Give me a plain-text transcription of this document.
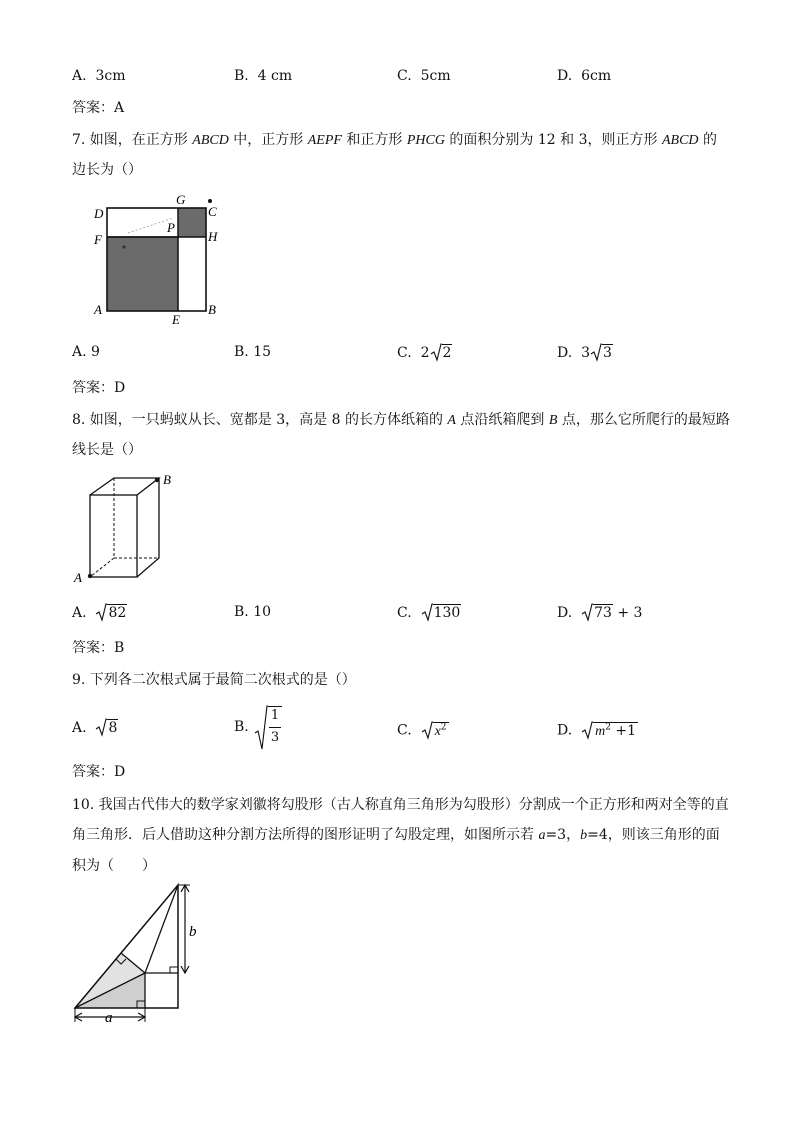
A. 3cm	B. 4 cm	C. 5cm	D. 6cm
答案：A
7. 如图，在正方形 ABCD 中，正方形 AEPF 和正方形 PHCG 的面积分别为 12 和 3，则正方形 ABCD 的
边长为（）
D
G
C
F
P
H
A
E
B
A. 9	B. 15	C. 2 2	D. 3 3
答案：D
8. 如图，一只蚂蚁从长、宽都是 3，高是 8 的长方体纸箱的 A 点沿纸箱爬到 B 点，那么它所爬行的最短路
线长是（）
A
B
A. 82	B. 10	C. 130	D. 73 + 3
答案：B
9. 下列各二次根式属于最简二次根式的是（）
A. 8	B.
1
3	C. $x^2$	D. $m^2 +1$
答案：D
10. 我国古代伟大的数学家刘徽将勾股形（古人称直角三角形为勾股形）分割成一个正方形和两对全等的直
角三角形．后人借助这种分割方法所得的图形证明了勾股定理，如图所示若 a=3，b=4，则该三角形的面
积为（　　）
b
a
